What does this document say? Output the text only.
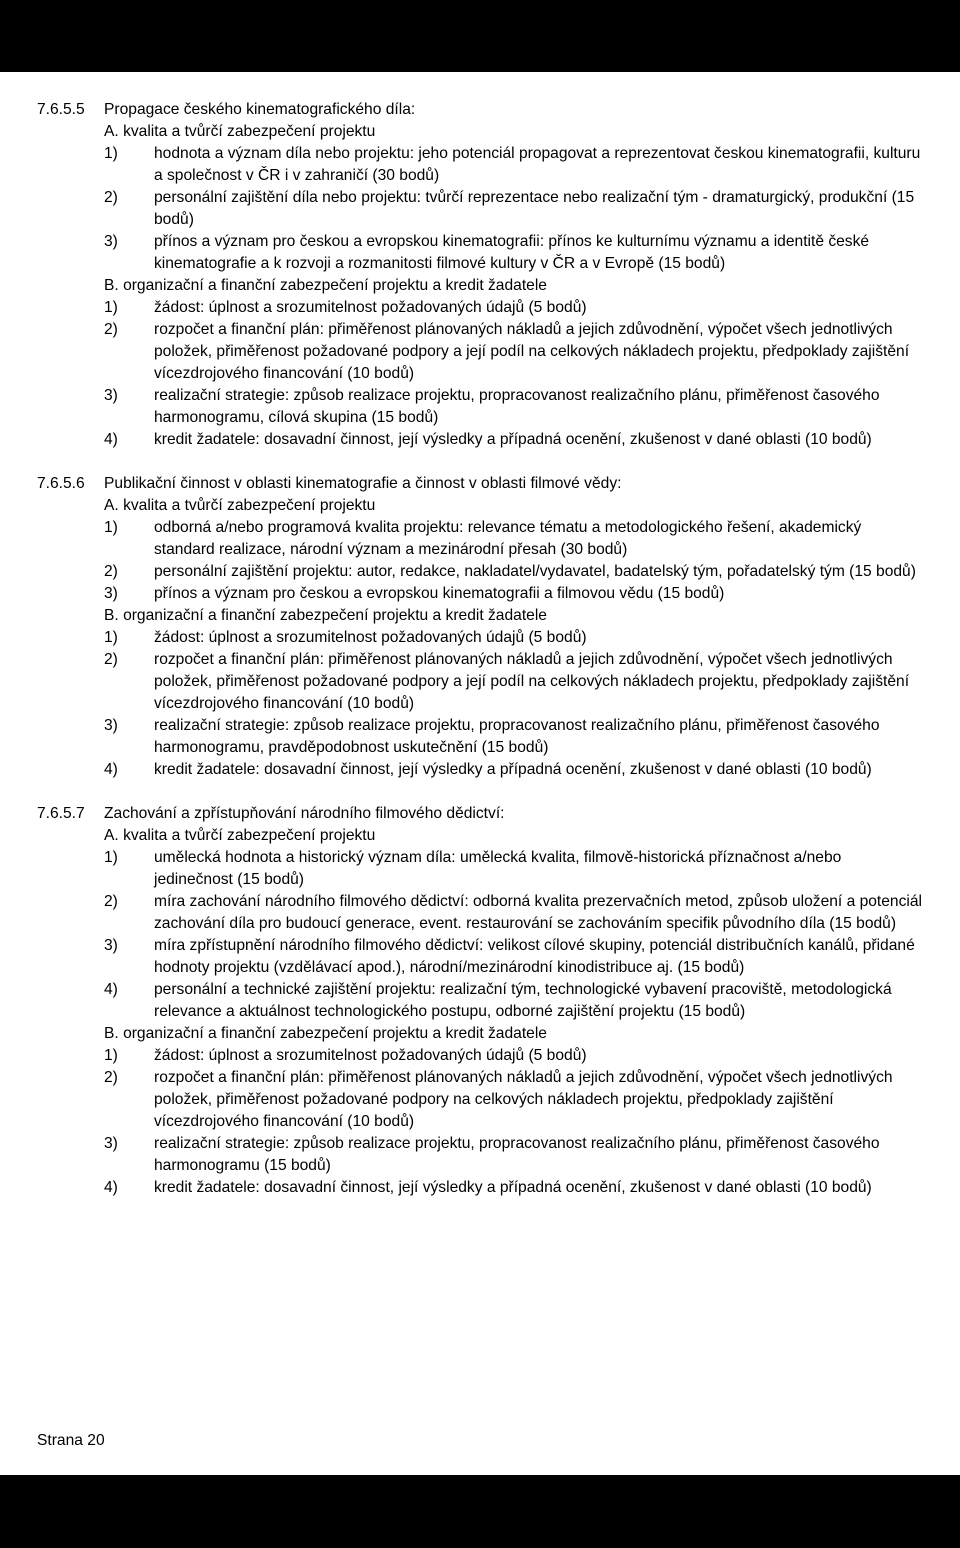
7.6.5.5 Propagace českého kinematografického díla:
A. kvalita a tvůrčí zabezpečení projektu
1) hodnota a význam díla nebo projektu: jeho potenciál propagovat a reprezentovat českou kinematografii, kulturu a společnost v ČR i v zahraničí (30 bodů)
2) personální zajištění díla nebo projektu: tvůrčí reprezentace nebo realizační tým - dramaturgický, produkční (15 bodů)
3) přínos a význam pro českou a evropskou kinematografii: přínos ke kulturnímu významu a identitě české kinematografie a k rozvoji a rozmanitosti filmové kultury v ČR a v Evropě (15 bodů)
B. organizační a finanční zabezpečení projektu a kredit žadatele
1) žádost: úplnost a srozumitelnost požadovaných údajů (5 bodů)
2) rozpočet a finanční plán: přiměřenost plánovaných nákladů a jejich zdůvodnění, výpočet všech jednotlivých položek, přiměřenost požadované podpory a její podíl na celkových nákladech projektu, předpoklady zajištění vícezdrojového financování (10 bodů)
3) realizační strategie: způsob realizace projektu, propracovanost realizačního plánu, přiměřenost časového harmonogramu, cílová skupina (15 bodů)
4) kredit žadatele: dosavadní činnost, její výsledky a případná ocenění, zkušenost v dané oblasti (10 bodů)
7.6.5.6 Publikační činnost v oblasti kinematografie a činnost v oblasti filmové vědy:
A. kvalita a tvůrčí zabezpečení projektu
1) odborná a/nebo programová kvalita projektu: relevance tématu a metodologického řešení, akademický standard realizace, národní význam a mezinárodní přesah (30 bodů)
2) personální zajištění projektu: autor, redakce, nakladatel/vydavatel, badatelský tým, pořadatelský tým (15 bodů)
3) přínos a význam pro českou a evropskou kinematografii a filmovou vědu (15 bodů)
B. organizační a finanční zabezpečení projektu a kredit žadatele
1) žádost: úplnost a srozumitelnost požadovaných údajů (5 bodů)
2) rozpočet a finanční plán: přiměřenost plánovaných nákladů a jejich zdůvodnění, výpočet všech jednotlivých položek, přiměřenost požadované podpory a její podíl na celkových nákladech projektu, předpoklady zajištění vícezdrojového financování (10 bodů)
3) realizační strategie: způsob realizace projektu, propracovanost realizačního plánu, přiměřenost časového harmonogramu, pravděpodobnost uskutečnění (15 bodů)
4) kredit žadatele: dosavadní činnost, její výsledky a případná ocenění, zkušenost v dané oblasti (10 bodů)
7.6.5.7 Zachování a zpřístupňování národního filmového dědictví:
A. kvalita a tvůrčí zabezpečení projektu
1) umělecká hodnota a historický význam díla: umělecká kvalita, filmově-historická příznačnost a/nebo jedinečnost (15 bodů)
2) míra zachování národního filmového dědictví: odborná kvalita prezervačních metod, způsob uložení a potenciál zachování díla pro budoucí generace, event. restaurování se zachováním specifik původního díla (15 bodů)
3) míra zpřístupnění národního filmového dědictví: velikost cílové skupiny, potenciál distribučních kanálů, přidané hodnoty projektu (vzdělávací apod.), národní/mezinárodní kinodistribuce aj. (15 bodů)
4) personální a technické zajištění projektu: realizační tým, technologické vybavení pracoviště, metodologická relevance a aktuálnost technologického postupu, odborné zajištění projektu (15 bodů)
B. organizační a finanční zabezpečení projektu a kredit žadatele
1) žádost: úplnost a srozumitelnost požadovaných údajů (5 bodů)
2) rozpočet a finanční plán: přiměřenost plánovaných nákladů a jejich zdůvodnění, výpočet všech jednotlivých položek, přiměřenost požadované podpory na celkových nákladech projektu, předpoklady zajištění vícezdrojového financování (10 bodů)
3) realizační strategie: způsob realizace projektu, propracovanost realizačního plánu, přiměřenost časového harmonogramu (15 bodů)
4) kredit žadatele: dosavadní činnost, její výsledky a případná ocenění, zkušenost v dané oblasti (10 bodů)
Strana 20
